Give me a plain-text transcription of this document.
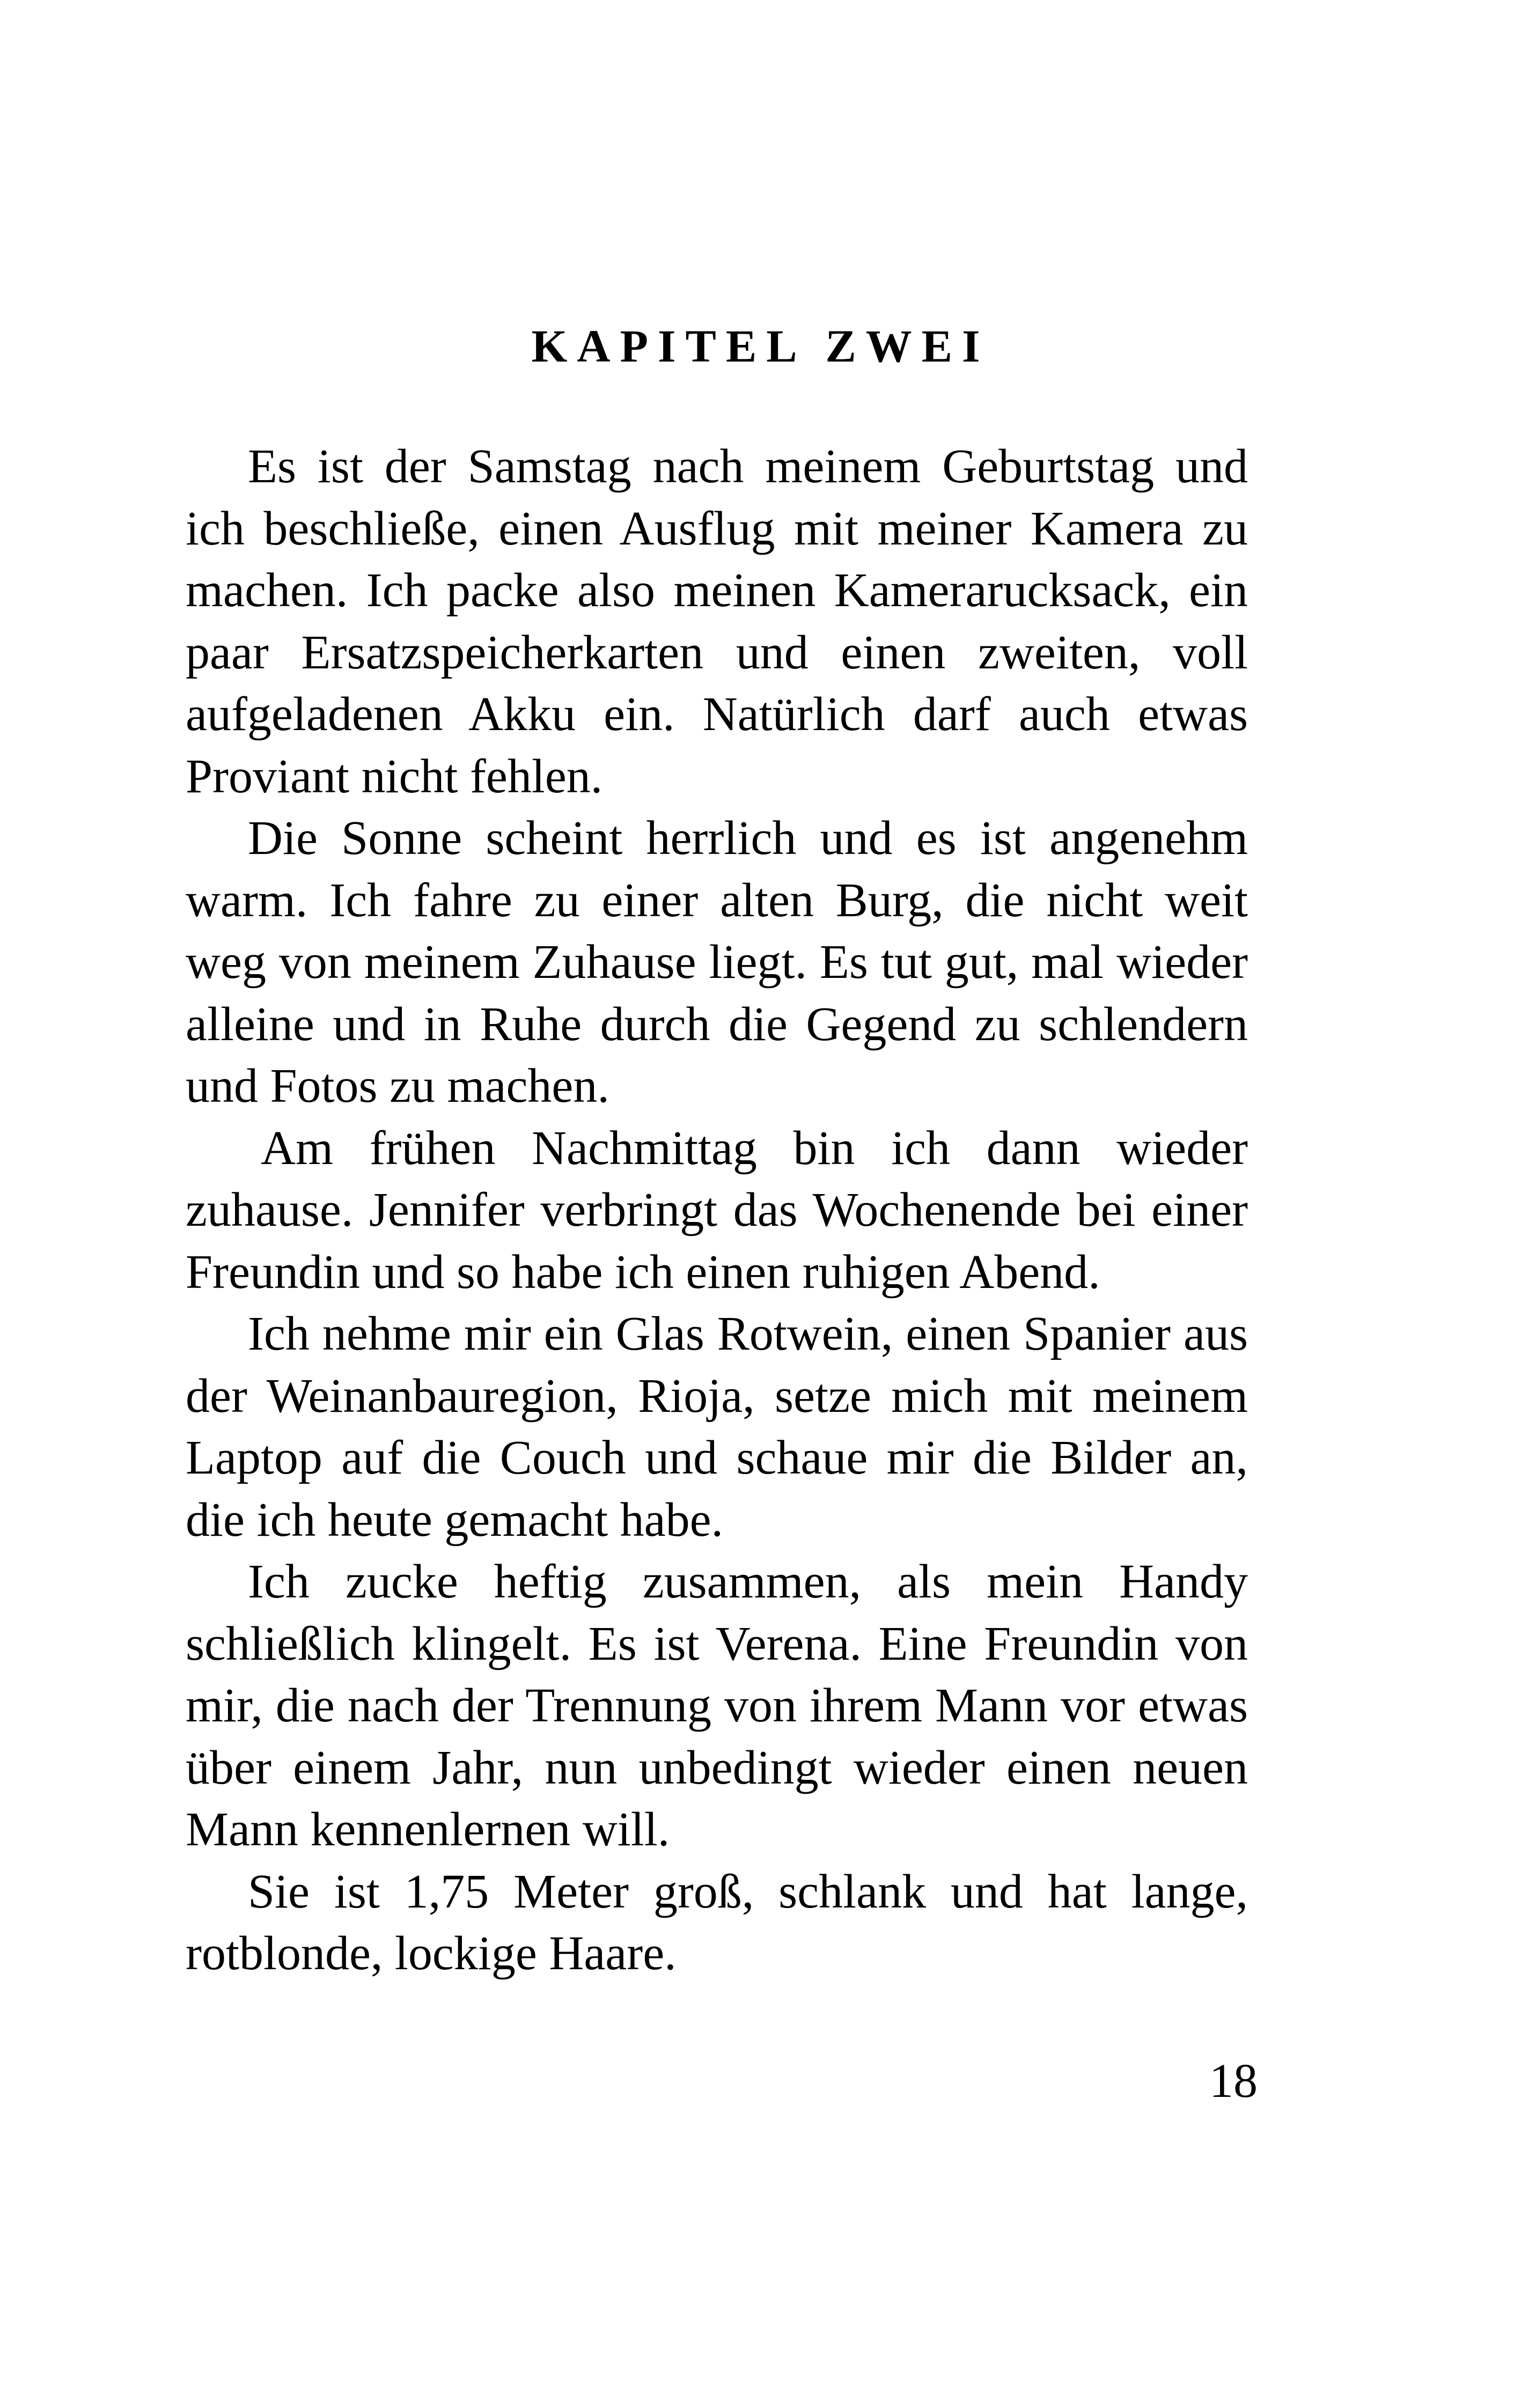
KAPITEL ZWEI

Es ist der Samstag nach meinem Geburtstag und ich beschließe, einen Ausflug mit meiner Kamera zu machen. Ich packe also meinen Kamerarucksack, ein paar Ersatzspeicherkarten und einen zweiten, voll aufgeladenen Akku ein. Natürlich darf auch etwas Proviant nicht fehlen.

Die Sonne scheint herrlich und es ist angenehm warm. Ich fahre zu einer alten Burg, die nicht weit weg von meinem Zuhause liegt. Es tut gut, mal wieder alleine und in Ruhe durch die Gegend zu schlendern und Fotos zu machen.

Am frühen Nachmittag bin ich dann wieder zuhause. Jennifer verbringt das Wochenende bei einer Freundin und so habe ich einen ruhigen Abend.

Ich nehme mir ein Glas Rotwein, einen Spanier aus der Weinanbauregion, Rioja, setze mich mit meinem Laptop auf die Couch und schaue mir die Bilder an, die ich heute gemacht habe.

Ich zucke heftig zusammen, als mein Handy schließlich klingelt. Es ist Verena. Eine Freundin von mir, die nach der Trennung von ihrem Mann vor etwas über einem Jahr, nun unbedingt wieder einen neuen Mann kennenlernen will.

Sie ist 1,75 Meter groß, schlank und hat lange, rotblonde, lockige Haare.

18
